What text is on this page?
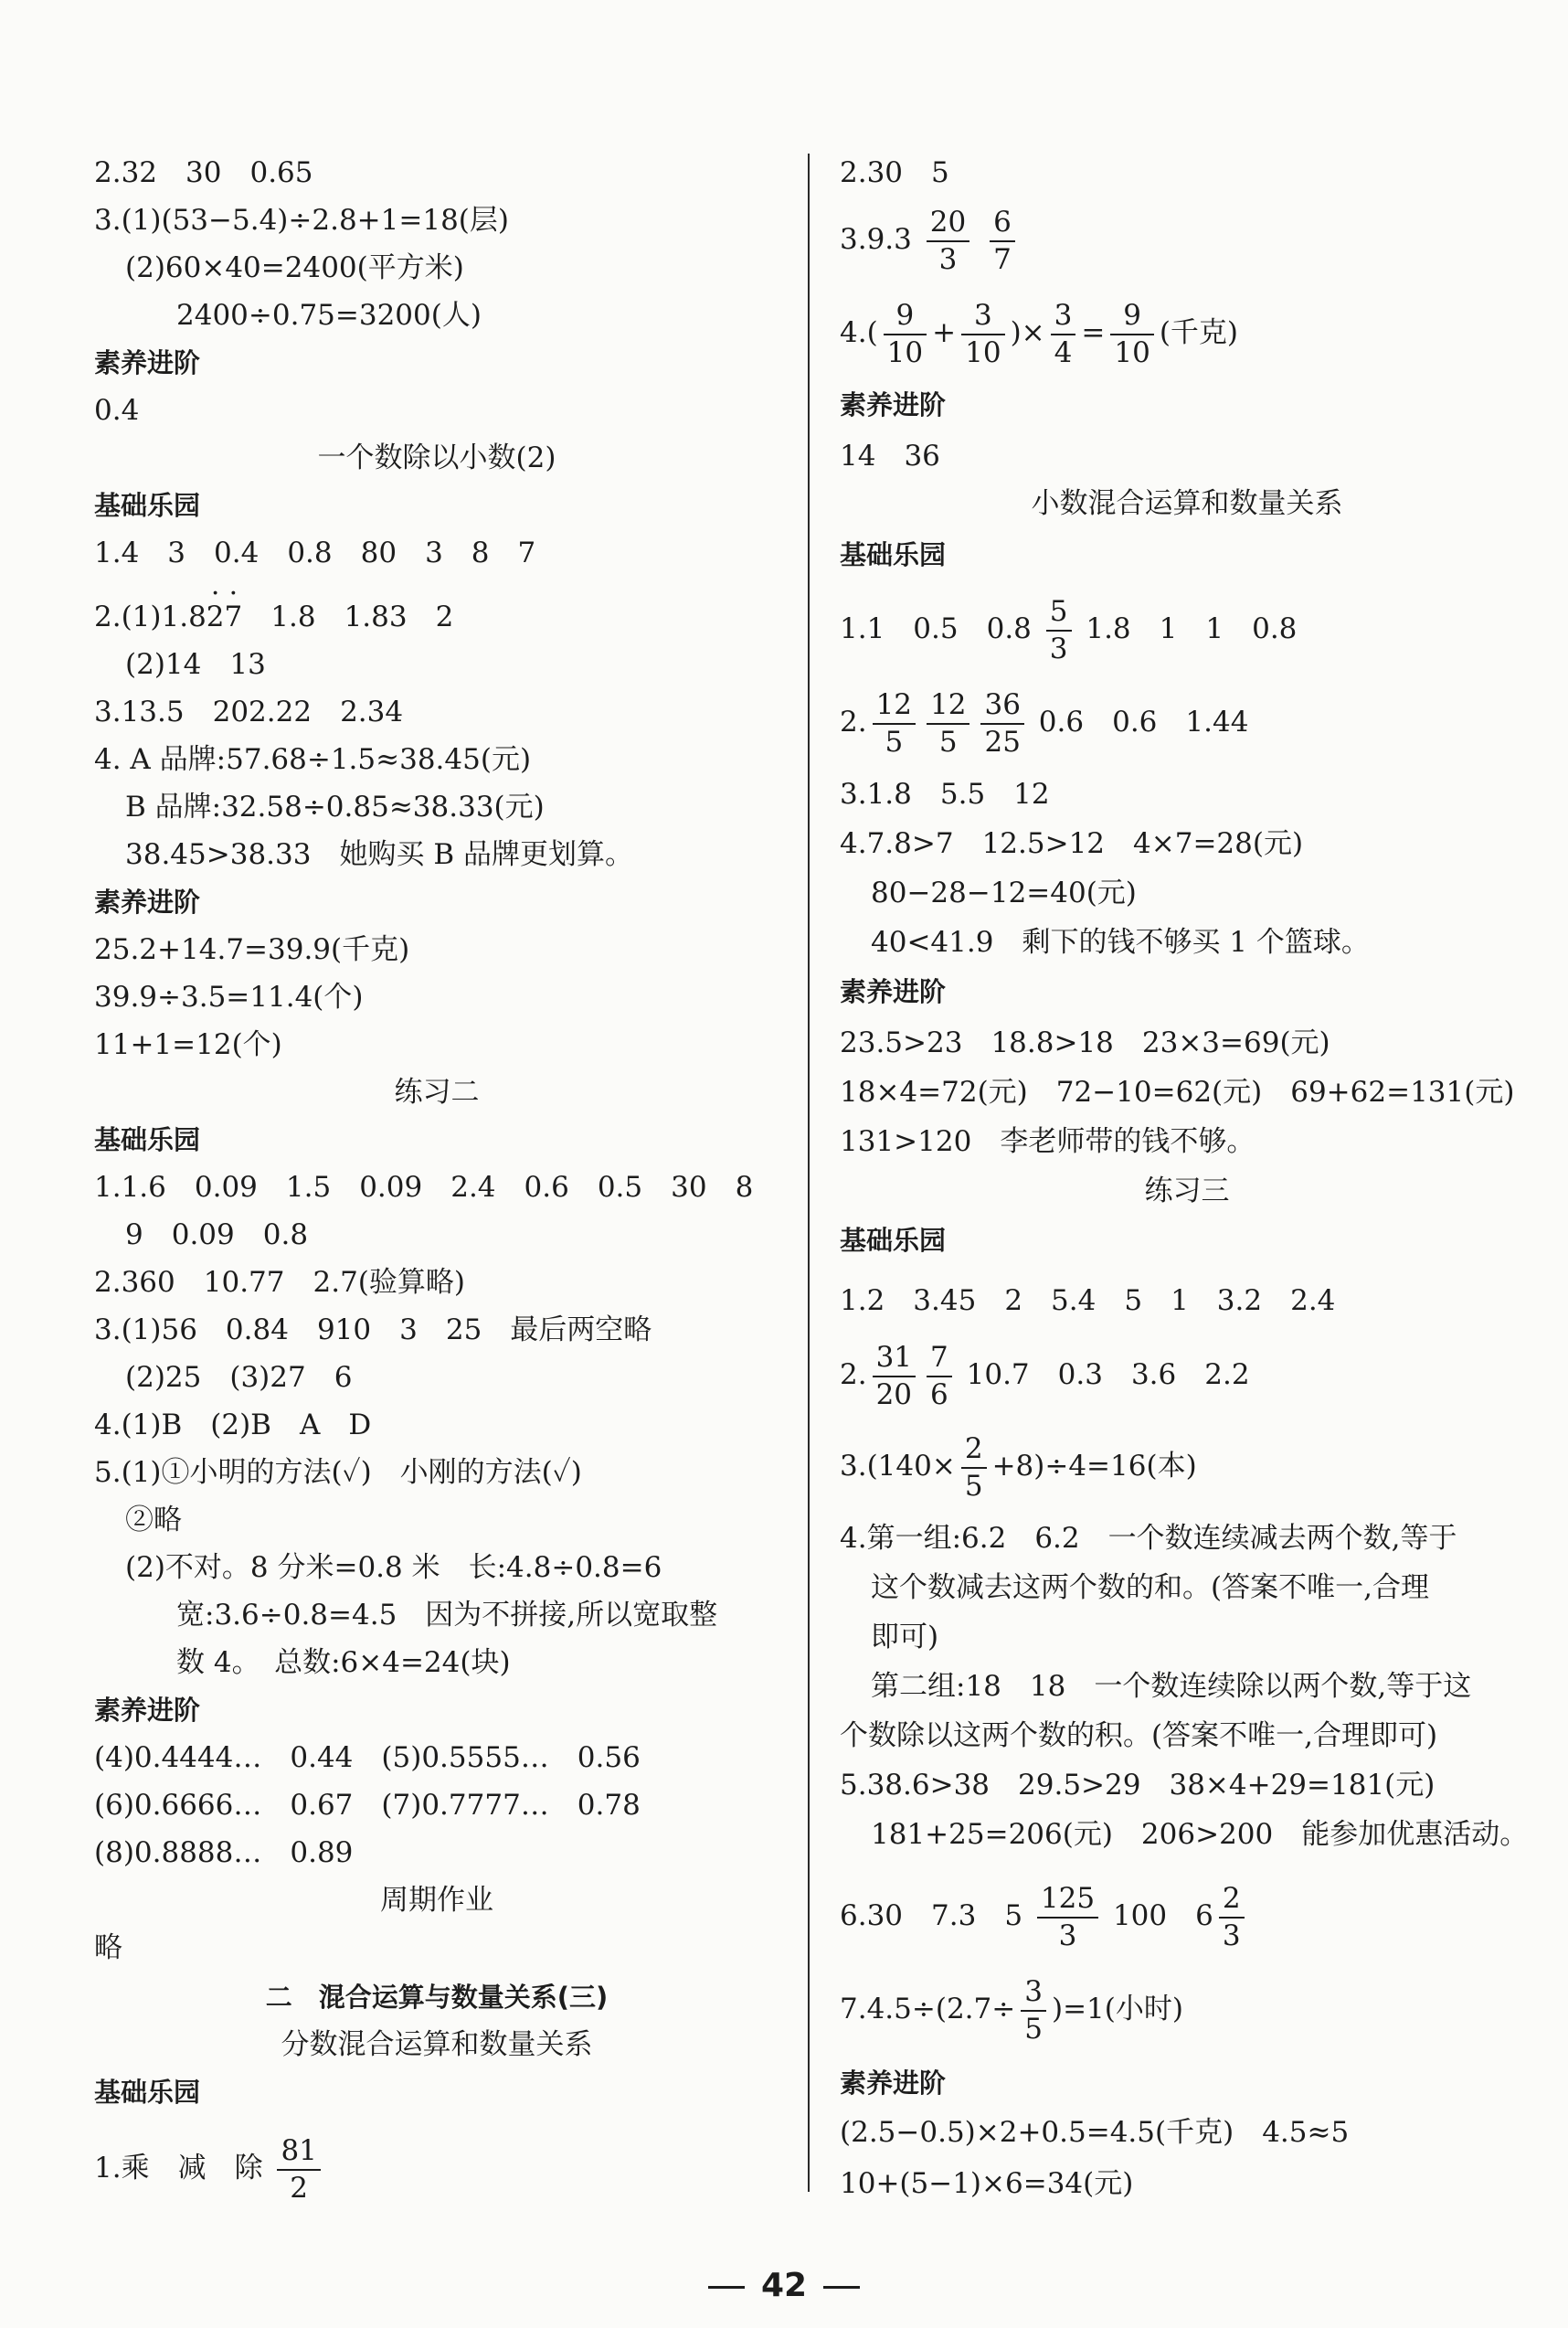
2.32　30　0.65
3.(1)(53−5.4)÷2.8+1=18(层)
(2)60×40=2400(平方米)
2400÷0.75=3200(人)
素养进阶
0.4
一个数除以小数(2)
基础乐园
1.4　3　0.4　0.8　80　3　8　7
2.(1)1.8· 2· 7　1.8　1.83　2
(2)14　13
3.13.5　202.22　2.34
4. A 品牌:57.68÷1.5≈38.45(元)
B 品牌:32.58÷0.85≈38.33(元)
38.45>38.33　她购买 B 品牌更划算。
素养进阶
25.2+14.7=39.9(千克)
39.9÷3.5=11.4(个)
11+1=12(个)
练习二
基础乐园
1.1.6　0.09　1.5　0.09　2.4　0.6　0.5　30　8
9　0.09　0.8
2.360　10.77　2.7(验算略)
3.(1)56　0.84　910　3　25　最后两空略
(2)25　(3)27　6
4.(1)B　(2)B　A　D
5.(1)①小明的方法(✓)　小刚的方法(✓)
②略
(2)不对。8 分米=0.8 米　长:4.8÷0.8=6
宽:3.6÷0.8=4.5　因为不拼接,所以宽取整
数 4。　总数:6×4=24(块)
素养进阶
(4)0.4444…　0.44　(5)0.5555…　0.56
(6)0.6666…　0.67　(7)0.7777…　0.78
(8)0.8888…　0.89
周期作业
略
二　混合运算与数量关系(三)
分数混合运算和数量关系
基础乐园
1.乘　减　除 $\frac{81}{2}$
2.30　5
$3.9.3 \frac{20}{3}$
$\frac{6}{7}$
$4.( \frac{9}{10} + \frac{3}{10}$ )× $\frac{3}{4} = \frac{9}{10}$ (千克)
素养进阶
14　36
小数混合运算和数量关系
基础乐园
1.1　0.5　$0.8 \frac{5}{3} 1.8$　1　1　0.8
2. $\frac{12}{5} \frac{12}{5} \frac{36}{25} 0.6$　0.6　1.44
3.1.8　5.5　12
4.7.8>7　12.5>12　4×7=28(元)
80−28−12=40(元)
40<41.9　剩下的钱不够买 1 个篮球。
素养进阶
23.5>23　18.8>18　23×3=69(元)
18×4=72(元)　72−10=62(元)　69+62=131(元)
131>120　李老师带的钱不够。
练习三
基础乐园
1.2　3.45　2　5.4　5　1　3.2　2.4
2. $\frac{31}{20} \frac{7}{6} 10.7$　0.3　3.6　2.2
$3.(140\times \frac{2}{5} +8)\div 4=16$(本)
4.第一组:6.2　6.2　一个数连续减去两个数,等于
这个数减去这两个数的和。(答案不唯一,合理
即可)
第二组:18　18　一个数连续除以两个数,等于这
个数除以这两个数的积。(答案不唯一,合理即可)
5.38.6>38　29.5>29　38×4+29=181(元)
181+25=206(元)　206>200　能参加优惠活动。
6.30　7.3　$5 \frac{125}{3} 100$　$6 \frac{2}{3}$
$7.4.5\div(2.7\div \frac{3}{5} )=1$(小时)
素养进阶
(2.5−0.5)×2+0.5=4.5(千克)　4.5≈5
10+(5−1)×6=34(元)
42
